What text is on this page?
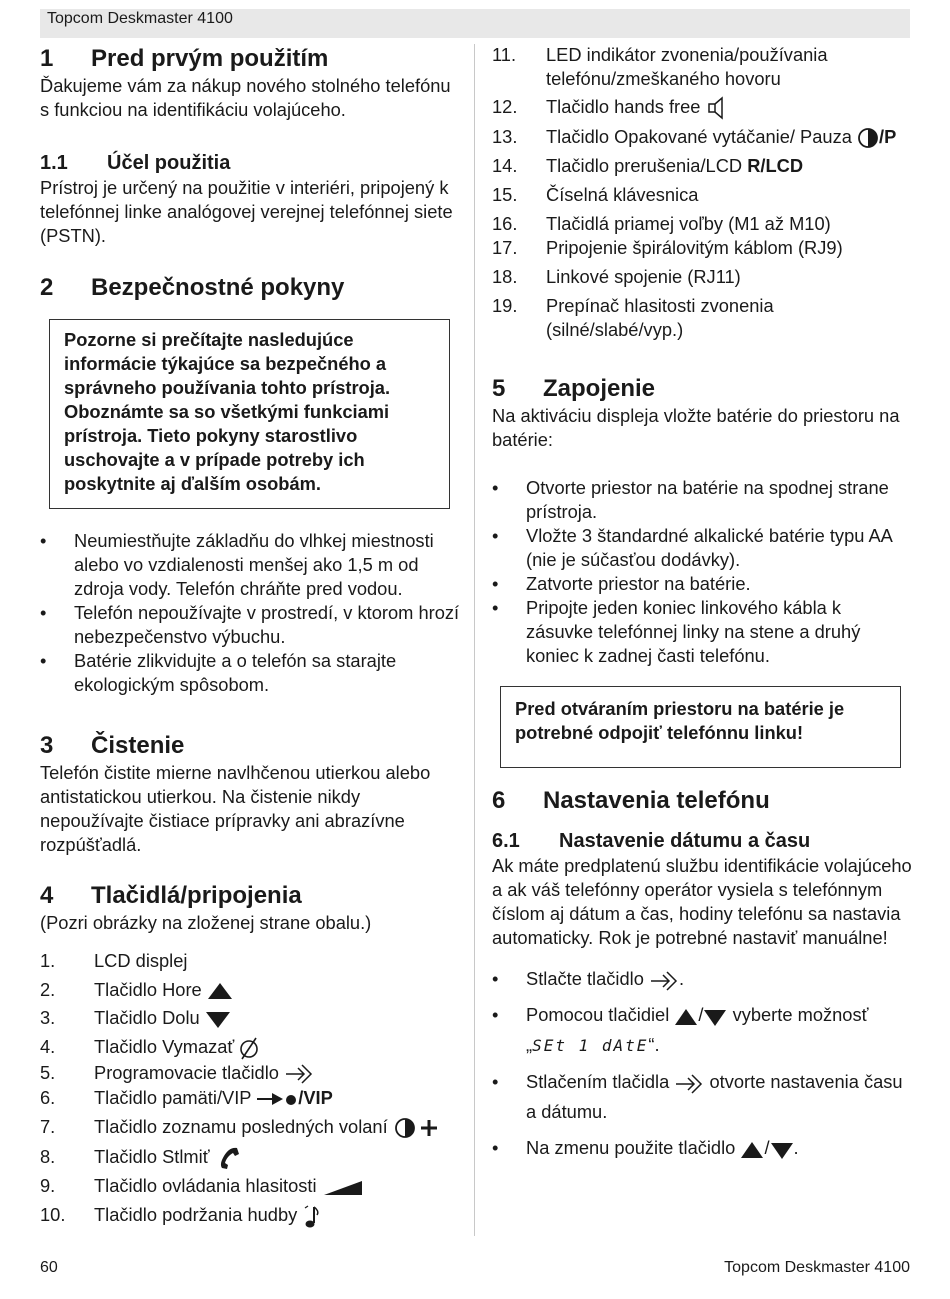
Topcom Deskmaster 4100
1	Pred prvým použitím

Ďakujeme vám za nákup nového stolného telefónu s funkciou na identifikáciu volajúceho.

1.1	Účel použitia

Prístroj je určený na použitie v interiéri, pripojený k telefónnej linke analógovej verejnej telefónnej siete (PSTN).

2	Bezpečnostné pokyny
Pozorne si prečítajte nasledujúce informácie týkajúce sa bezpečného a správneho používania tohto prístroja. Oboznámte sa so všetkými funkciami prístroja. Tieto pokyny starostlivo uschovajte a v prípade potreby ich poskytnite aj ďalším osobám.
• Neumiestňujte základňu do vlhkej miestnosti alebo vo vzdialenosti menšej ako 1,5 m od zdroja vody. Telefón chráňte pred vodou.
• Telefón nepoužívajte v prostredí, v ktorom hrozí nebezpečenstvo výbuchu.
• Batérie zlikvidujte a o telefón sa starajte ekologickým spôsobom.
3	Čistenie

Telefón čistite mierne navlhčenou utierkou alebo antistatickou utierkou. Na čistenie nikdy nepoužívajte čistiace prípravky ani abrazívne rozpúšťadlá.

4	Tlačidlá/pripojenia

(Pozri obrázky na zloženej strane obalu.)

1.	LCD displej
2.	Tlačidlo Hore
3.	Tlačidlo Dolu
4.	Tlačidlo Vymazať
5.	Programovacie tlačidlo
6.	Tlačidlo pamäti/VIP	/VIP
7.	Tlačidlo zoznamu posledných volaní
8.	Tlačidlo Stlmiť
9.	Tlačidlo ovládania hlasitosti
10.	Tlačidlo podržania hudby
11.	LED indikátor zvonenia/používania telefónu/zmeškaného hovoru
12.	Tlačidlo hands free
13.	Tlačidlo Opakované vytáčanie/ Pauza /P
14.	Tlačidlo prerušenia/LCD R/LCD
15.	Číselná klávesnica
16.	Tlačidlá priamej voľby (M1 až M10)
17.	Pripojenie špirálovitým káblom (RJ9)
18.	Linkové spojenie (RJ11)
19.	Prepínač hlasitosti zvonenia (silné/slabé/vyp.)
5	Zapojenie

Na aktiváciu displeja vložte batérie do priestoru na batérie:

• Otvorte priestor na batérie na spodnej strane prístroja.
• Vložte 3 štandardné alkalické batérie typu AA (nie je súčasťou dodávky).
• Zatvorte priestor na batérie.
• Pripojte jeden koniec linkového kábla k zásuvke telefónnej linky na stene a druhý koniec k zadnej časti telefónu.
Pred otváraním priestoru na batérie je potrebné odpojiť telefónnu linku!
6	Nastavenia telefónu
6.1	Nastavenie dátumu a času

Ak máte predplatenú službu identifikácie volajúceho a ak váš telefónny operátor vysiela s telefónnym číslom aj dátum a čas, hodiny telefónu sa nastavia automaticky. Rok je potrebné nastaviť manuálne!

• Stlačte tlačidlo .
• Pomocou tlačidiel / vyberte možnosť
„SEt 1 dAtE“.
• Stlačením tlačidla otvorte nastavenia času a dátumu.
• Na zmenu použite tlačidlo / .
60	Topcom Deskmaster 4100
